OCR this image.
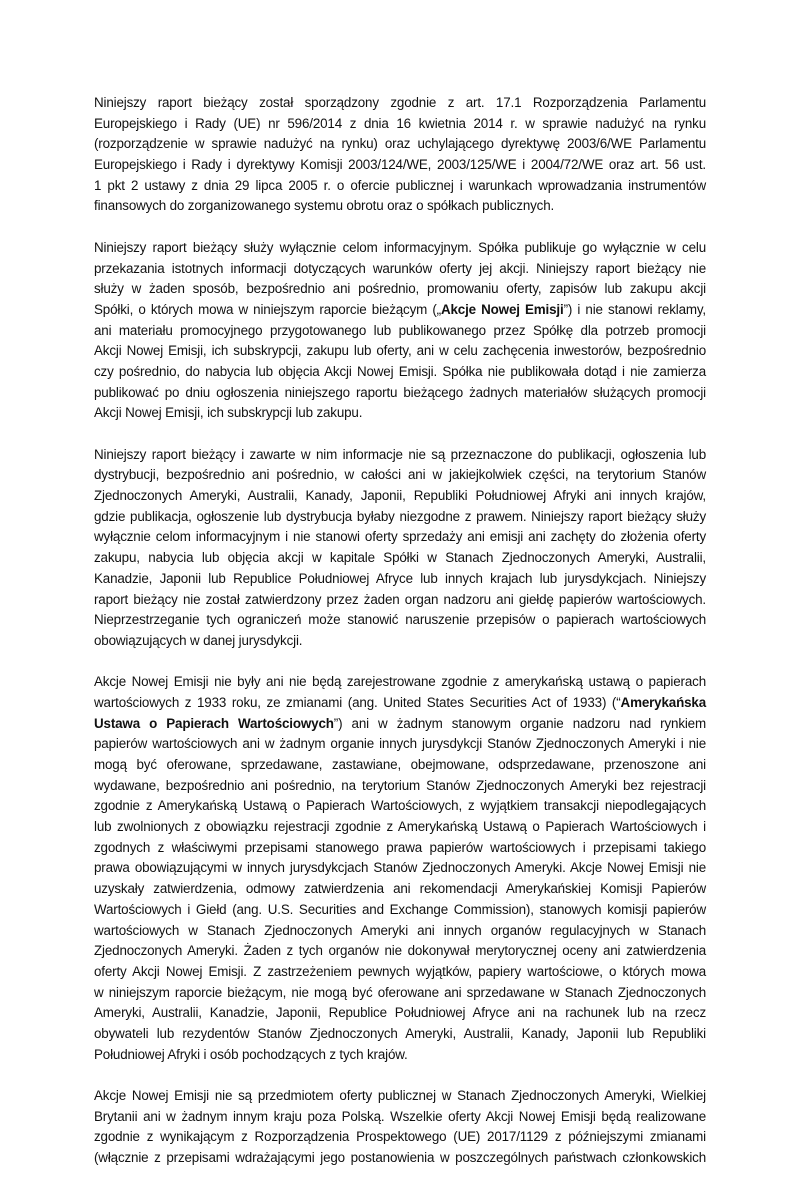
Niniejszy raport bieżący został sporządzony zgodnie z art. 17.1 Rozporządzenia Parlamentu
Europejskiego i Rady (UE) nr 596/2014 z dnia 16 kwietnia 2014 r. w sprawie nadużyć na rynku
(rozporządzenie w sprawie nadużyć na rynku) oraz uchylającego dyrektywę 2003/6/WE Parlamentu
Europejskiego i Rady i dyrektywy Komisji 2003/124/WE, 2003/125/WE i 2004/72/WE oraz art. 56 ust.
1 pkt 2 ustawy z dnia 29 lipca 2005 r. o ofercie publicznej i warunkach wprowadzania instrumentów
finansowych do zorganizowanego systemu obrotu oraz o spółkach publicznych.
Niniejszy raport bieżący służy wyłącznie celom informacyjnym. Spółka publikuje go wyłącznie w celu
przekazania istotnych informacji dotyczących warunków oferty jej akcji. Niniejszy raport bieżący nie
służy w żaden sposób, bezpośrednio ani pośrednio, promowaniu oferty, zapisów lub zakupu akcji
Spółki, o których mowa w niniejszym raporcie bieżącym („Akcje Nowej Emisji”) i nie stanowi reklamy,
ani materiału promocyjnego przygotowanego lub publikowanego przez Spółkę dla potrzeb promocji
Akcji Nowej Emisji, ich subskrypcji, zakupu lub oferty, ani w celu zachęcenia inwestorów, bezpośrednio
czy pośrednio, do nabycia lub objęcia Akcji Nowej Emisji. Spółka nie publikowała dotąd i nie zamierza
publikować po dniu ogłoszenia niniejszego raportu bieżącego żadnych materiałów służących promocji
Akcji Nowej Emisji, ich subskrypcji lub zakupu.
Niniejszy raport bieżący i zawarte w nim informacje nie są przeznaczone do publikacji, ogłoszenia lub
dystrybucji, bezpośrednio ani pośrednio, w całości ani w jakiejkolwiek części, na terytorium Stanów
Zjednoczonych Ameryki, Australii, Kanady, Japonii, Republiki Południowej Afryki ani innych krajów,
gdzie publikacja, ogłoszenie lub dystrybucja byłaby niezgodne z prawem. Niniejszy raport bieżący służy
wyłącznie celom informacyjnym i nie stanowi oferty sprzedaży ani emisji ani zachęty do złożenia oferty
zakupu, nabycia lub objęcia akcji w kapitale Spółki w Stanach Zjednoczonych Ameryki, Australii,
Kanadzie, Japonii lub Republice Południowej Afryce lub innych krajach lub jurysdykcjach. Niniejszy
raport bieżący nie został zatwierdzony przez żaden organ nadzoru ani giełdę papierów wartościowych.
Nieprzestrzeganie tych ograniczeń może stanowić naruszenie przepisów o papierach wartościowych
obowiązujących w danej jurysdykcji.
Akcje Nowej Emisji nie były ani nie będą zarejestrowane zgodnie z amerykańską ustawą o papierach
wartościowych z 1933 roku, ze zmianami (ang. United States Securities Act of 1933) (“Amerykańska
Ustawa o Papierach Wartościowych”) ani w żadnym stanowym organie nadzoru nad rynkiem
papierów wartościowych ani w żadnym organie innych jurysdykcji Stanów Zjednoczonych Ameryki i nie
mogą być oferowane, sprzedawane, zastawiane, obejmowane, odsprzedawane, przenoszone ani
wydawane, bezpośrednio ani pośrednio, na terytorium Stanów Zjednoczonych Ameryki bez rejestracji
zgodnie z Amerykańską Ustawą o Papierach Wartościowych, z wyjątkiem transakcji niepodlegających
lub zwolnionych z obowiązku rejestracji zgodnie z Amerykańską Ustawą o Papierach Wartościowych i
zgodnych z właściwymi przepisami stanowego prawa papierów wartościowych i przepisami takiego
prawa obowiązującymi w innych jurysdykcjach Stanów Zjednoczonych Ameryki. Akcje Nowej Emisji nie
uzyskały zatwierdzenia, odmowy zatwierdzenia ani rekomendacji Amerykańskiej Komisji Papierów
Wartościowych i Giełd (ang. U.S. Securities and Exchange Commission), stanowych komisji papierów
wartościowych w Stanach Zjednoczonych Ameryki ani innych organów regulacyjnych w Stanach
Zjednoczonych Ameryki. Żaden z tych organów nie dokonywał merytorycznej oceny ani zatwierdzenia
oferty Akcji Nowej Emisji. Z zastrzeżeniem pewnych wyjątków, papiery wartościowe, o których mowa
w niniejszym raporcie bieżącym, nie mogą być oferowane ani sprzedawane w Stanach Zjednoczonych
Ameryki, Australii, Kanadzie, Japonii, Republice Południowej Afryce ani na rachunek lub na rzecz
obywateli lub rezydentów Stanów Zjednoczonych Ameryki, Australii, Kanady, Japonii lub Republiki
Południowej Afryki i osób pochodzących z tych krajów.
Akcje Nowej Emisji nie są przedmiotem oferty publicznej w Stanach Zjednoczonych Ameryki, Wielkiej
Brytanii ani w żadnym innym kraju poza Polską. Wszelkie oferty Akcji Nowej Emisji będą realizowane
zgodnie z wynikającym z Rozporządzenia Prospektowego (UE) 2017/1129 z późniejszymi zmianami
(włącznie z przepisami wdrażającymi jego postanowienia w poszczególnych państwach członkowskich
